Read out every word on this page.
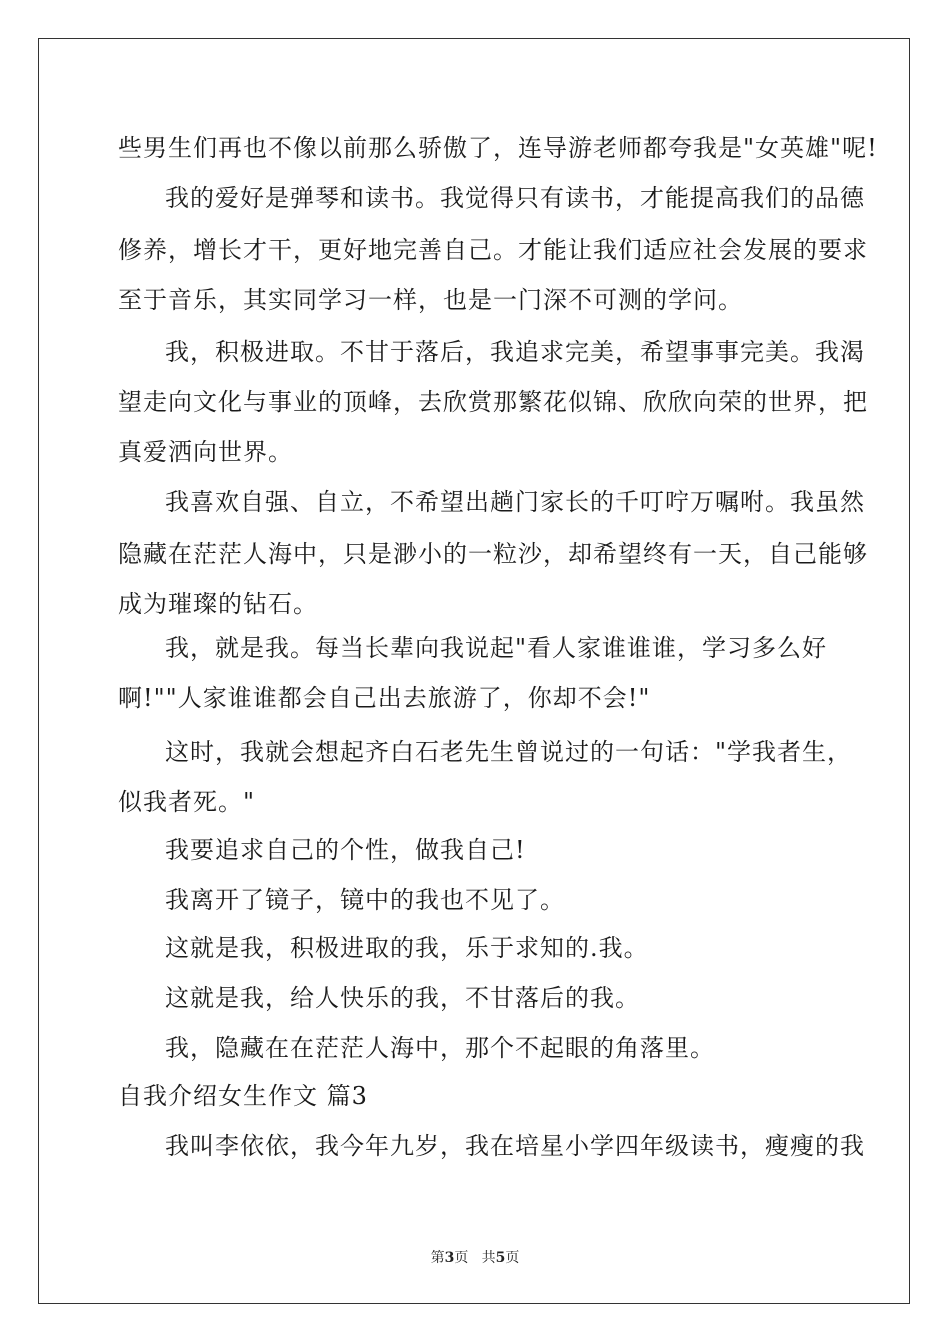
些男生们再也不像以前那么骄傲了，连导游老师都夸我是"女英雄"呢!
我的爱好是弹琴和读书。我觉得只有读书，才能提高我们的品德
修养，增长才干，更好地完善自己。才能让我们适应社会发展的要求
至于音乐，其实同学习一样，也是一门深不可测的学问。
我，积极进取。不甘于落后，我追求完美，希望事事完美。我渴
望走向文化与事业的顶峰，去欣赏那繁花似锦、欣欣向荣的世界，把
真爱洒向世界。
我喜欢自强、自立，不希望出趟门家长的千叮咛万嘱咐。我虽然
隐藏在茫茫人海中，只是渺小的一粒沙，却希望终有一天，自己能够
成为璀璨的钻石。
我，就是我。每当长辈向我说起"看人家谁谁谁，学习多么好
啊!""人家谁谁都会自己出去旅游了，你却不会!"
这时，我就会想起齐白石老先生曾说过的一句话："学我者生，
似我者死。"
我要追求自己的个性，做我自己!
我离开了镜子，镜中的我也不见了。
这就是我，积极进取的我，乐于求知的.我。
这就是我，给人快乐的我，不甘落后的我。
我，隐藏在在茫茫人海中，那个不起眼的角落里。
自我介绍女生作文 篇3
我叫李依依，我今年九岁，我在培星小学四年级读书，瘦瘦的我
第3页 共5页
